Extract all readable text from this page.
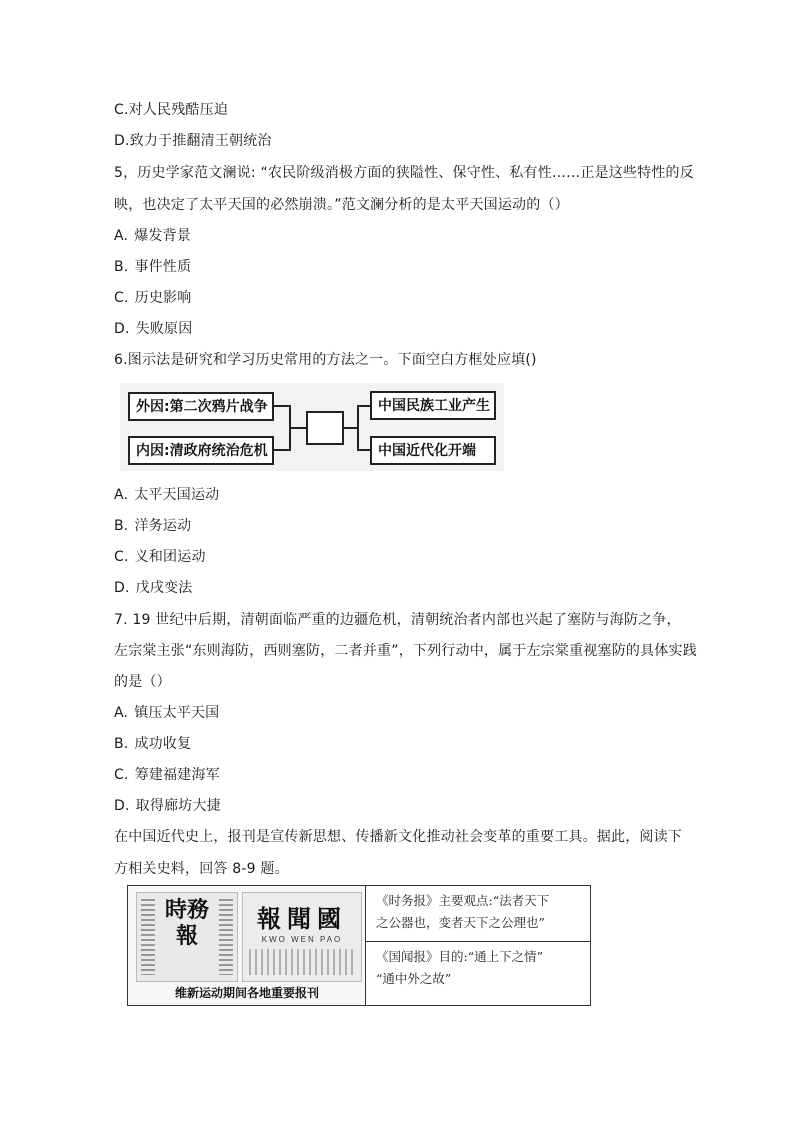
C.对人民残酷压迫
D.致力于推翻清王朝统治
5，历史学家范文澜说: “农民阶级消极方面的狭隘性、保守性、私有性……正是这些特性的反
映，也决定了太平天国的必然崩溃。”范文澜分析的是太平天国运动的（）
A. 爆发背景
B. 事件性质
C. 历史影响
D. 失败原因
6.图示法是研究和学习历史常用的方法之一。下面空白方框处应填()
外因:第二次鸦片战争
内因:清政府统治危机
中国民族工业产生
中国近代化开端
A. 太平天国运动
B. 洋务运动
C. 义和团运动
D. 戊戌变法
7. 19 世纪中后期，清朝面临严重的边疆危机，清朝统治者内部也兴起了塞防与海防之争，
左宗棠主张“东则海防，西则塞防，二者并重”，下列行动中，属于左宗棠重视塞防的具体实践
的是（）
A. 镇压太平天国
B. 成功收复
C. 筹建福建海军
D. 取得廊坊大捷
在中国近代史上，报刊是宣传新思想、传播新文化推动社会变革的重要工具。据此，阅读下
方相关史料，回答 8-9 题。
時務報
報聞國
KWO WEN PAO
维新运动期间各地重要报刊
《时务报》主要观点:“法者天下
之公器也，变者天下之公理也”
《国闻报》目的:“通上下之情”
“通中外之故”
